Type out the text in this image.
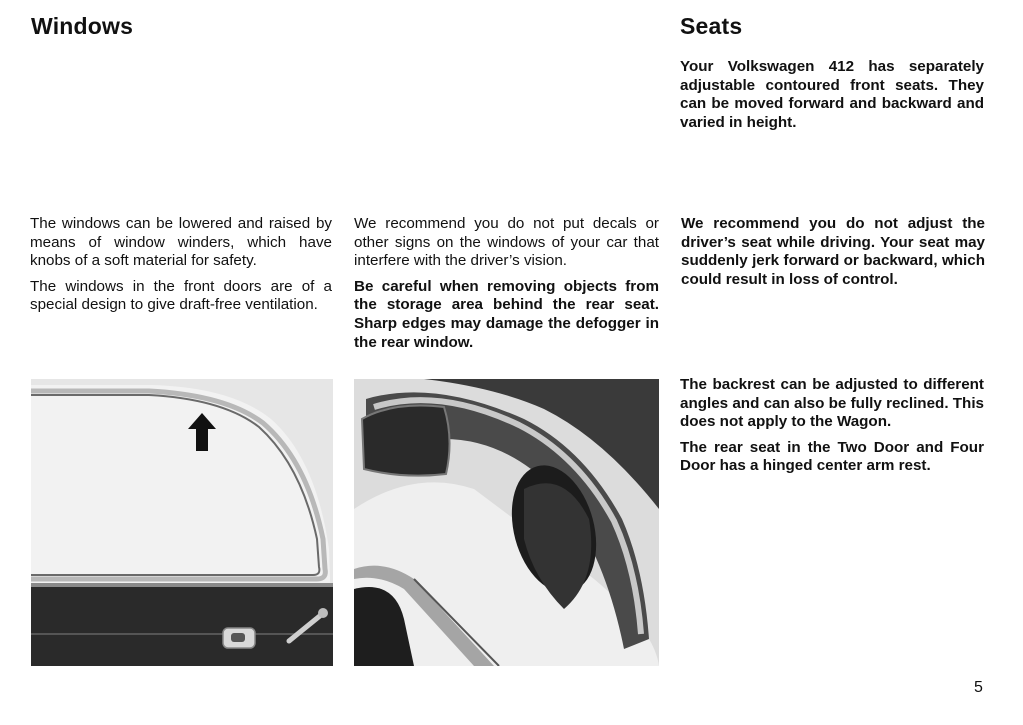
Windows	Seats

Your Volkswagen 412 has separately adjustable contoured front seats. They can be moved forward and backward and varied in height.

The windows can be lowered and raised by means of window winders, which have knobs of a soft material for safety.

The windows in the front doors are of a special design to give draft-free ventilation.

We recommend you do not put decals or other signs on the windows of your car that interfere with the driver’s vision.

Be careful when removing objects from the storage area behind the rear seat. Sharp edges may damage the defogger in the rear window.

We recommend you do not adjust the driver’s seat while driving. Your seat may suddenly jerk forward or backward, which could result in loss of control.

The backrest can be adjusted to different angles and can also be fully reclined. This does not apply to the Wagon.

The rear seat in the Two Door and Four Door has a hinged center arm rest.

5
